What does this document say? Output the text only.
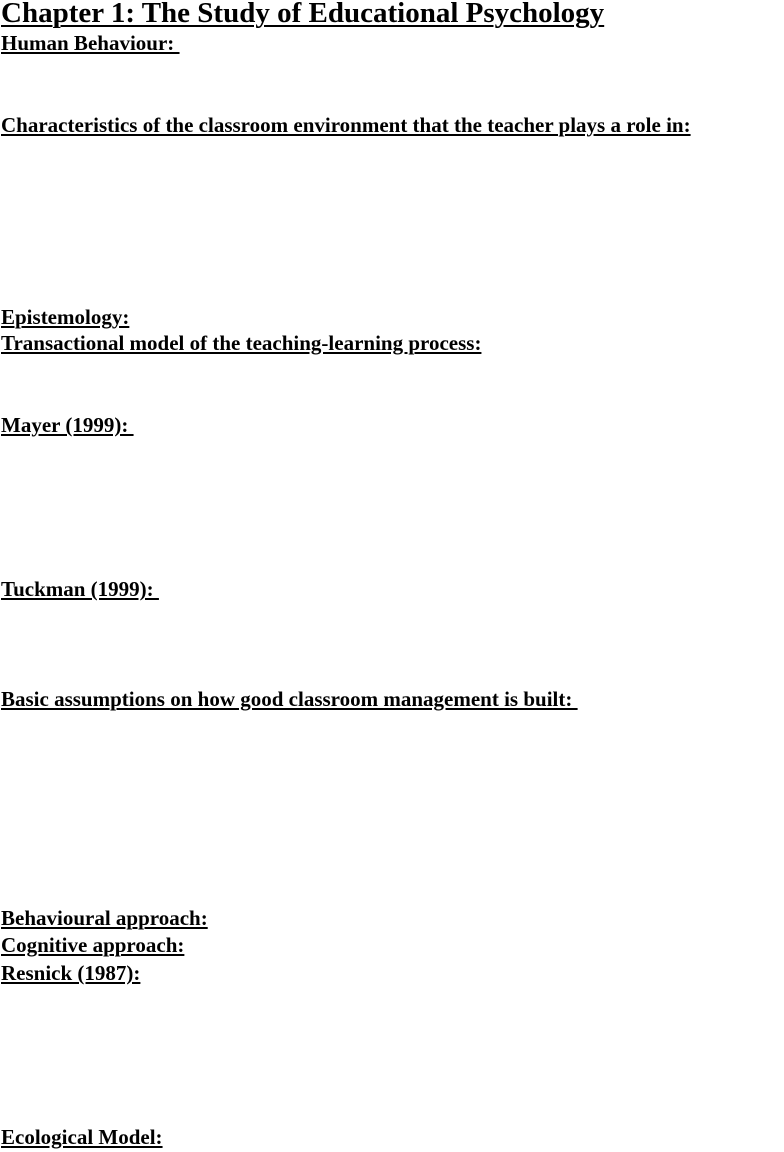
Chapter 1: The Study of Educational Psychology
Human Behaviour:
Characteristics of the classroom environment that the teacher plays a role in:
Epistemology:
Transactional model of the teaching-learning process:
Mayer (1999):
Tuckman (1999):
Basic assumptions on how good classroom management is built:
Behavioural approach:
Cognitive approach:
Resnick (1987):
Ecological Model:
